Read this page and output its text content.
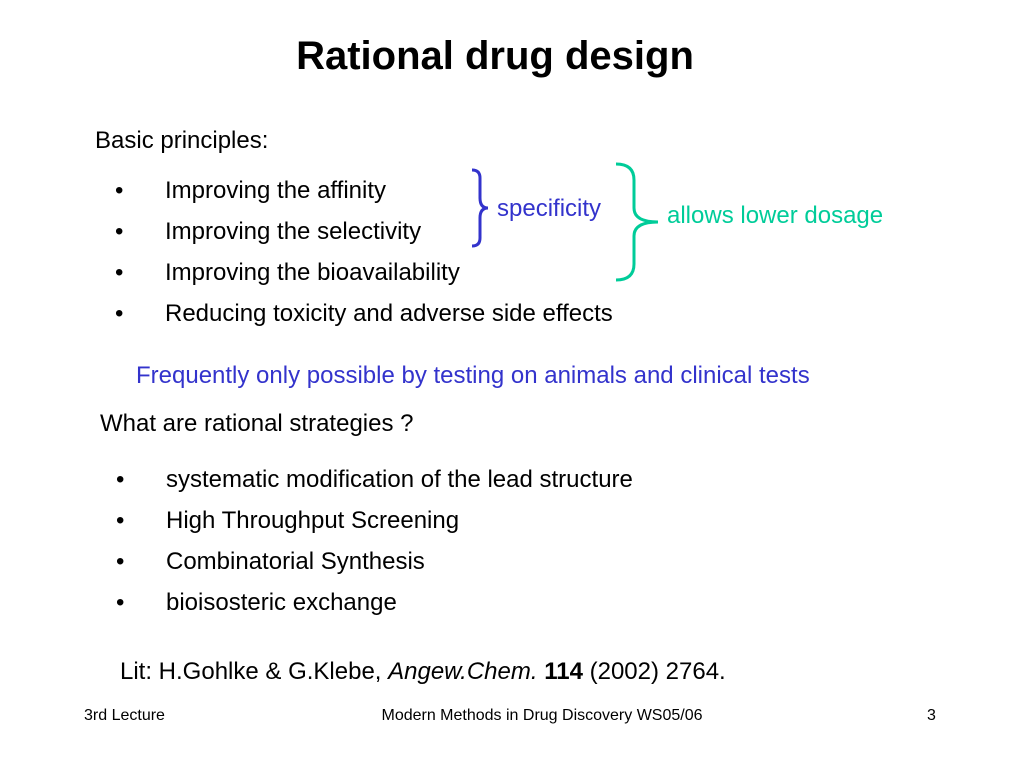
Rational drug design
Basic principles:
• Improving the affinity
• Improving the selectivity
• Improving the bioavailability
• Reducing toxicity and adverse side effects
specificity	allows lower dosage
Frequently only possible by testing on animals and clinical tests
What are rational strategies ?
• systematic modification of the lead structure
• High Throughput Screening
• Combinatorial Synthesis
• bioisosteric exchange
Lit: H.Gohlke & G.Klebe, Angew.Chem. 114 (2002) 2764.
3rd Lecture	Modern Methods in Drug Discovery WS05/06	3
